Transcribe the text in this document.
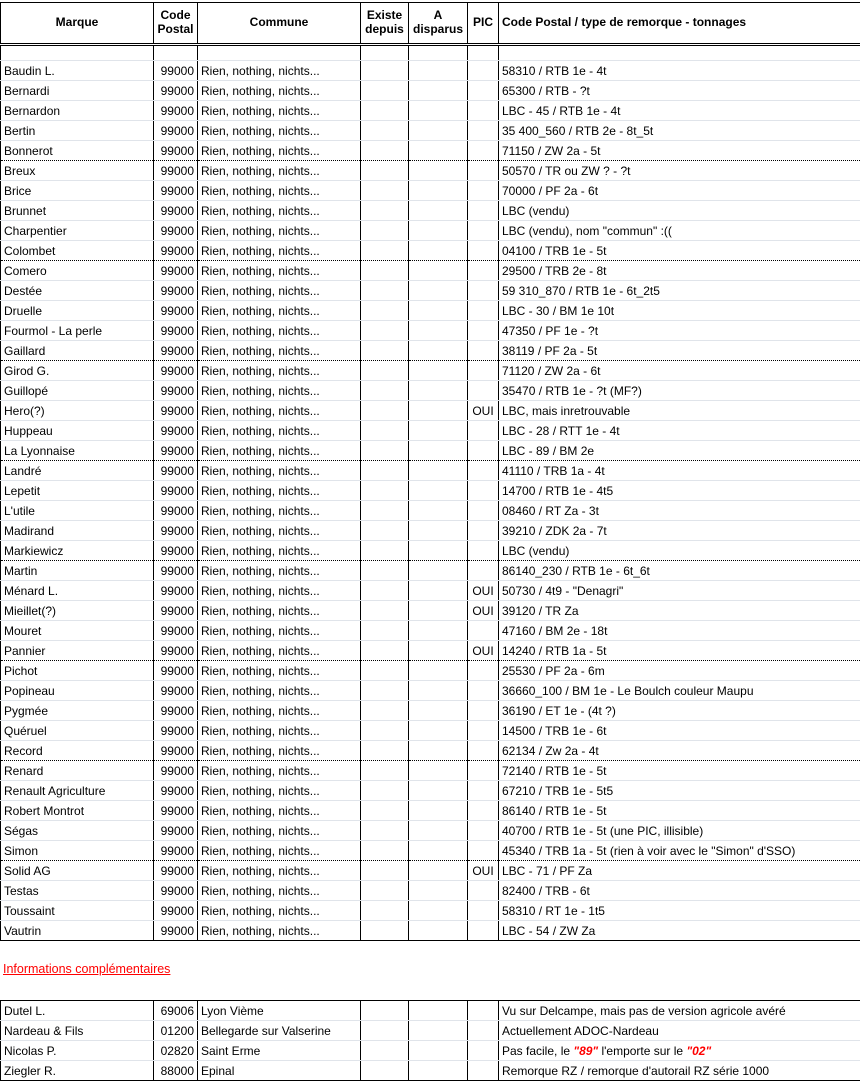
Marque	Code Postal	Commune	Existe depuis	A disparus	PIC	Code Postal / type de remorque - tonnages

Baudin L.	99000	Rien, nothing, nichts...				58310 / RTB 1e - 4t
Bernardi	99000	Rien, nothing, nichts...				65300 / RTB - ?t
Bernardon	99000	Rien, nothing, nichts...				LBC - 45 / RTB 1e - 4t
Bertin	99000	Rien, nothing, nichts...				35 400_560 / RTB 2e - 8t_5t
Bonnerot	99000	Rien, nothing, nichts...				71150 / ZW 2a - 5t
Breux	99000	Rien, nothing, nichts...				50570 / TR ou ZW ? - ?t
Brice	99000	Rien, nothing, nichts...				70000 / PF 2a - 6t
Brunnet	99000	Rien, nothing, nichts...				LBC (vendu)
Charpentier	99000	Rien, nothing, nichts...				LBC (vendu), nom "commun" :((
Colombet	99000	Rien, nothing, nichts...				04100 / TRB 1e - 5t
Comero	99000	Rien, nothing, nichts...				29500 / TRB 2e - 8t
Destée	99000	Rien, nothing, nichts...				59 310_870 / RTB 1e - 6t_2t5
Druelle	99000	Rien, nothing, nichts...				LBC - 30 / BM 1e 10t
Fourmol - La perle	99000	Rien, nothing, nichts...				47350 / PF 1e - ?t
Gaillard	99000	Rien, nothing, nichts...				38119 / PF 2a - 5t
Girod G.	99000	Rien, nothing, nichts...				71120 / ZW 2a - 6t
Guillopé	99000	Rien, nothing, nichts...				35470 / RTB 1e - ?t (MF?)
Hero(?)	99000	Rien, nothing, nichts...			OUI	LBC, mais inretrouvable
Huppeau	99000	Rien, nothing, nichts...				LBC - 28 / RTT 1e - 4t
La Lyonnaise	99000	Rien, nothing, nichts...				LBC - 89 / BM 2e
Landré	99000	Rien, nothing, nichts...				41110 / TRB 1a - 4t
Lepetit	99000	Rien, nothing, nichts...				14700 / RTB 1e - 4t5
L'utile	99000	Rien, nothing, nichts...				08460 / RT Za - 3t
Madirand	99000	Rien, nothing, nichts...				39210 / ZDK 2a - 7t
Markiewicz	99000	Rien, nothing, nichts...				LBC (vendu)
Martin	99000	Rien, nothing, nichts...				86140_230 / RTB 1e - 6t_6t
Ménard L.	99000	Rien, nothing, nichts...			OUI	50730 / 4t9 - "Denagri"
Mieillet(?)	99000	Rien, nothing, nichts...			OUI	39120 / TR Za
Mouret	99000	Rien, nothing, nichts...				47160 / BM 2e - 18t
Pannier	99000	Rien, nothing, nichts...			OUI	14240 / RTB 1a - 5t
Pichot	99000	Rien, nothing, nichts...				25530 / PF 2a - 6m
Popineau	99000	Rien, nothing, nichts...				36660_100 / BM 1e - Le Boulch couleur Maupu
Pygmée	99000	Rien, nothing, nichts...				36190 / ET 1e - (4t ?)
Quéruel	99000	Rien, nothing, nichts...				14500 / TRB 1e - 6t
Record	99000	Rien, nothing, nichts...				62134 / Zw 2a - 4t
Renard	99000	Rien, nothing, nichts...				72140 / RTB 1e - 5t
Renault Agriculture	99000	Rien, nothing, nichts...				67210 / TRB 1e - 5t5
Robert Montrot	99000	Rien, nothing, nichts...				86140 / RTB 1e - 5t
Ségas	99000	Rien, nothing, nichts...				40700 / RTB 1e - 5t (une PIC, illisible)
Simon	99000	Rien, nothing, nichts...				45340 / TRB 1a - 5t (rien à voir avec le "Simon" d'SSO)
Solid AG	99000	Rien, nothing, nichts...			OUI	LBC - 71 / PF Za
Testas	99000	Rien, nothing, nichts...				82400 / TRB - 6t
Toussaint	99000	Rien, nothing, nichts...				58310 / RT 1e - 1t5
Vautrin	99000	Rien, nothing, nichts...				LBC - 54 / ZW Za
Informations complémentaires
Dutel L.	69006	Lyon Vième				Vu sur Delcampe, mais pas de version agricole avéré
Nardeau & Fils	01200	Bellegarde sur Valserine				Actuellement ADOC-Nardeau
Nicolas P.	02820	Saint Erme				Pas facile, le "89" l'emporte sur le "02"
Ziegler R.	88000	Epinal				Remorque RZ / remorque d'autorail RZ série 1000
